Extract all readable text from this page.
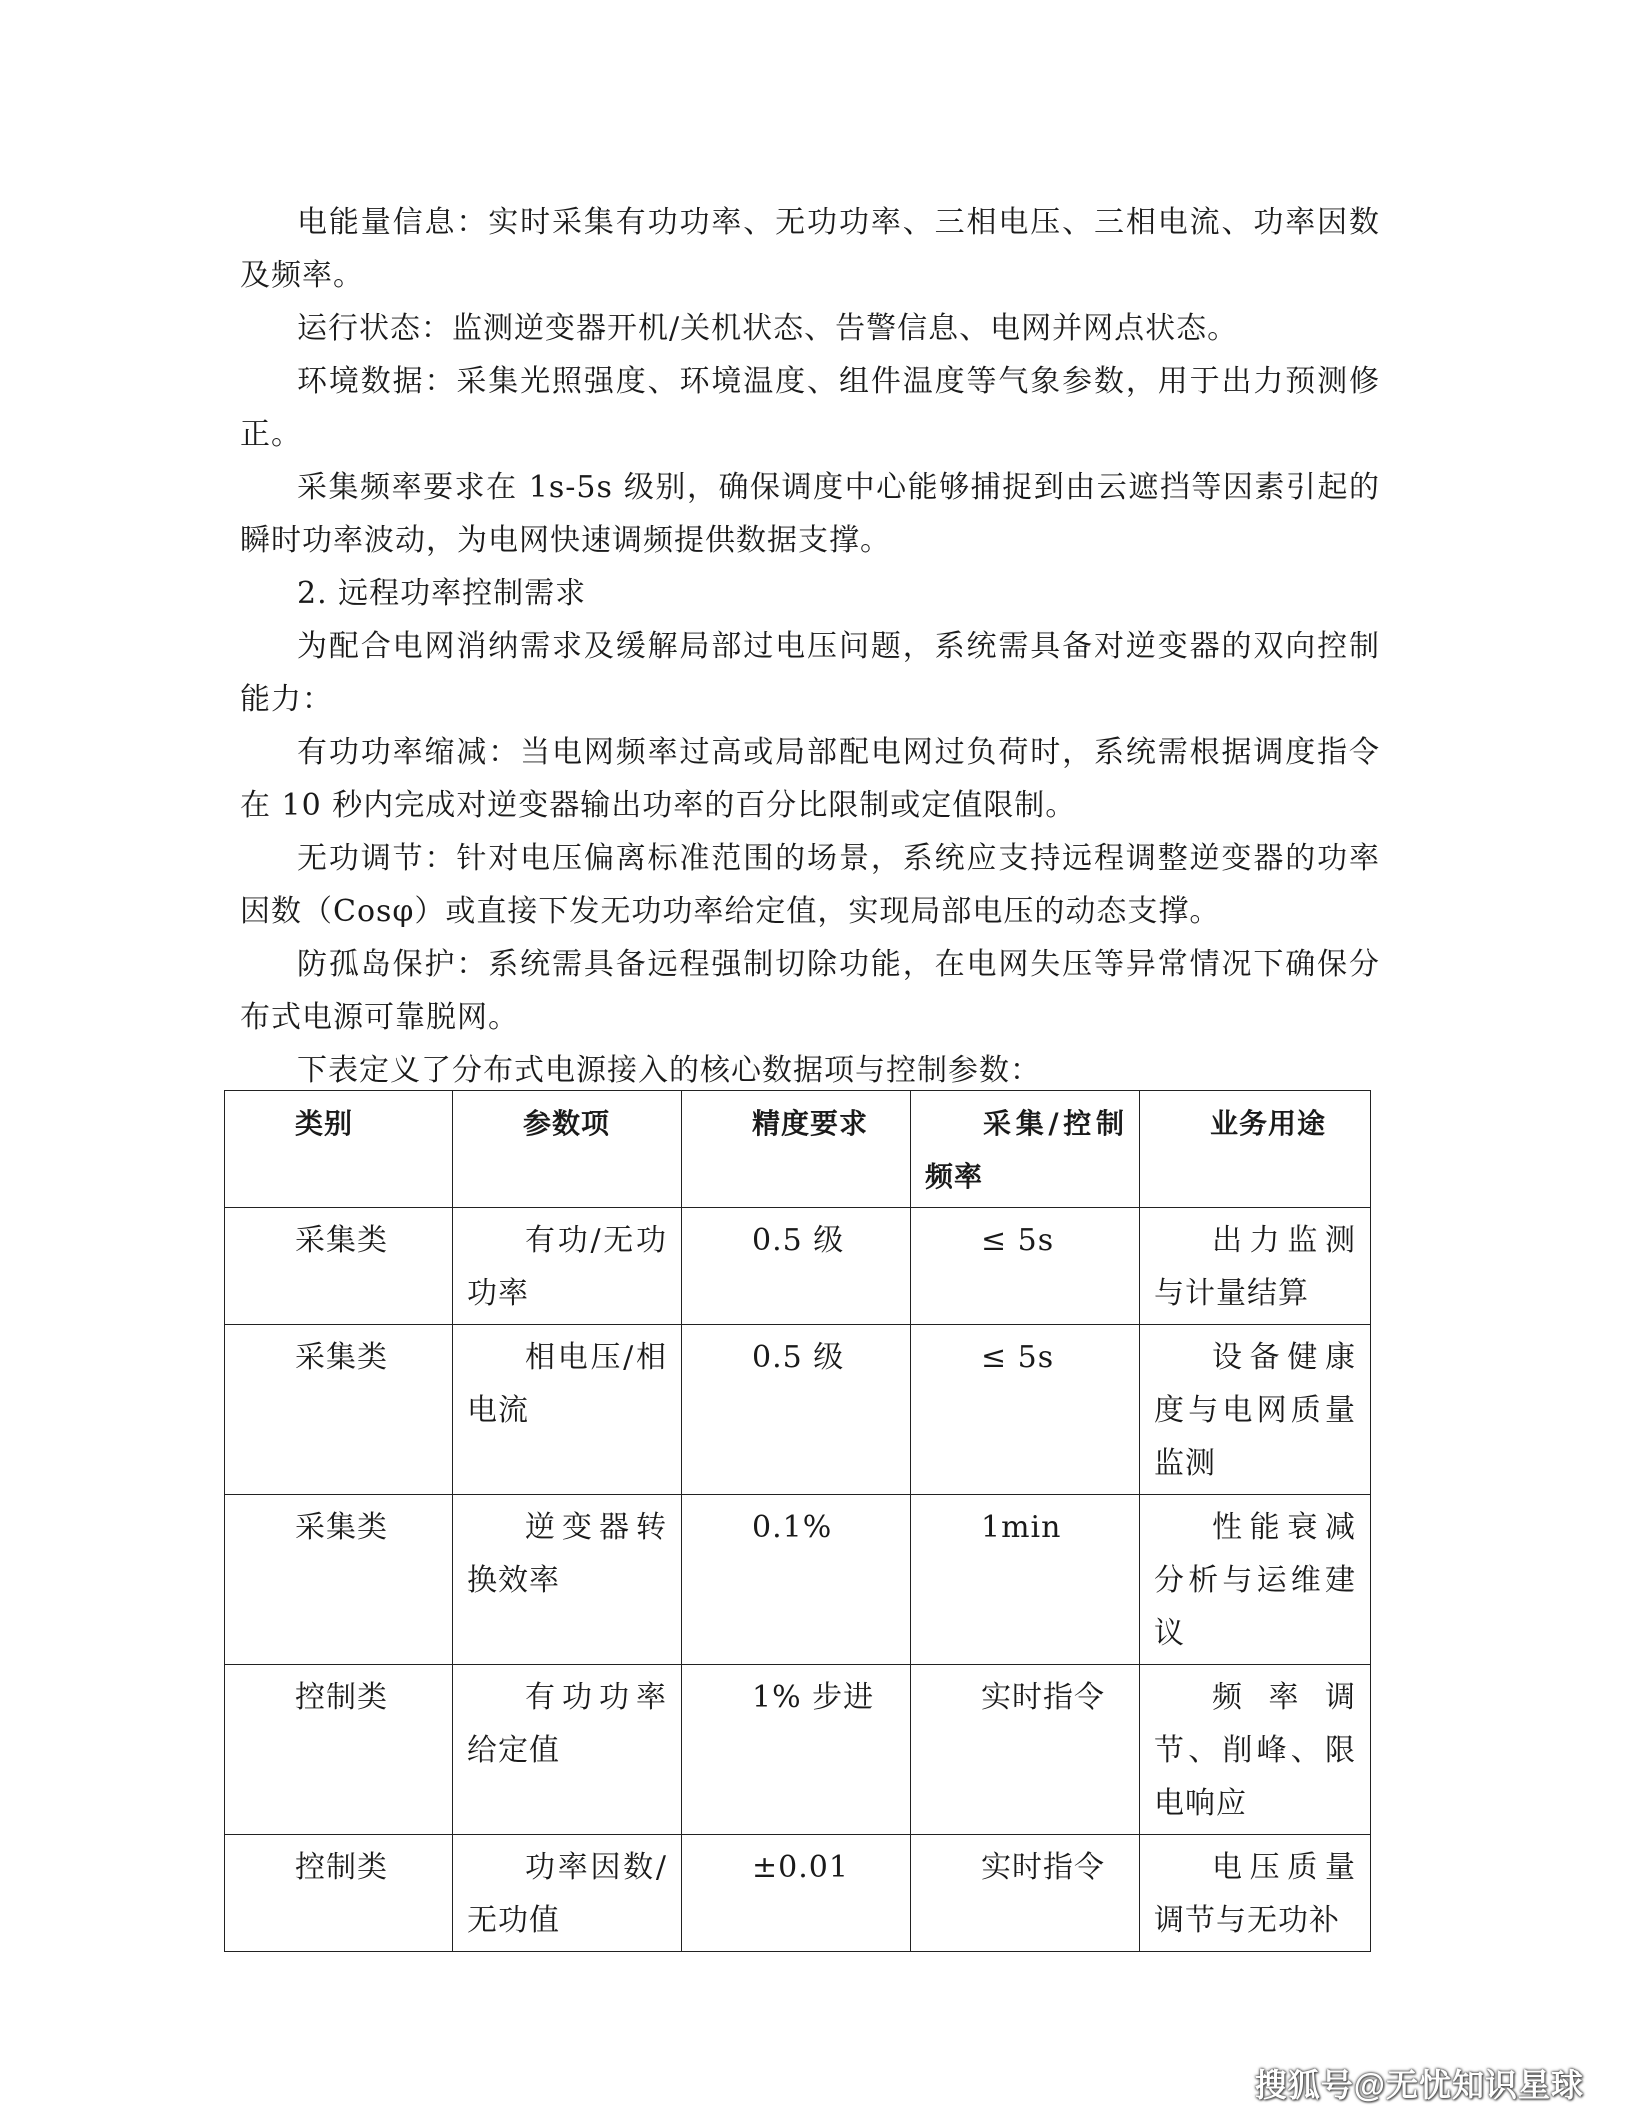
电能量信息：实时采集有功功率、无功功率、三相电压、三相电流、功率因数及频率。

运行状态：监测逆变器开机/关机状态、告警信息、电网并网点状态。

环境数据：采集光照强度、环境温度、组件温度等气象参数，用于出力预测修正。

采集频率要求在 1s-5s 级别，确保调度中心能够捕捉到由云遮挡等因素引起的瞬时功率波动，为电网快速调频提供数据支撑。

2. 远程功率控制需求

为配合电网消纳需求及缓解局部过电压问题，系统需具备对逆变器的双向控制能力：

有功功率缩减：当电网频率过高或局部配电网过负荷时，系统需根据调度指令在 10 秒内完成对逆变器输出功率的百分比限制或定值限制。

无功调节：针对电压偏离标准范围的场景，系统应支持远程调整逆变器的功率因数（Cosφ）或直接下发无功功率给定值，实现局部电压的动态支撑。

防孤岛保护：系统需具备远程强制切除功能，在电网失压等异常情况下确保分布式电源可靠脱网。

下表定义了分布式电源接入的核心数据项与控制参数：

类别	参数项	精度要求	采集/控制频率	业务用途
采集类	有功/无功功率	0.5 级	≤ 5s	出力监测与计量结算
采集类	相电压/相电流	0.5 级	≤ 5s	设备健康度与电网质量监测
采集类	逆变器转换效率	0.1%	1min	性能衰减分析与运维建议
控制类	有功功率给定值	1% 步进	实时指令	频率调节、削峰、限电响应
控制类	功率因数/无功值	±0.01	实时指令	电压质量调节与无功补
搜狐号@无忧知识星球
